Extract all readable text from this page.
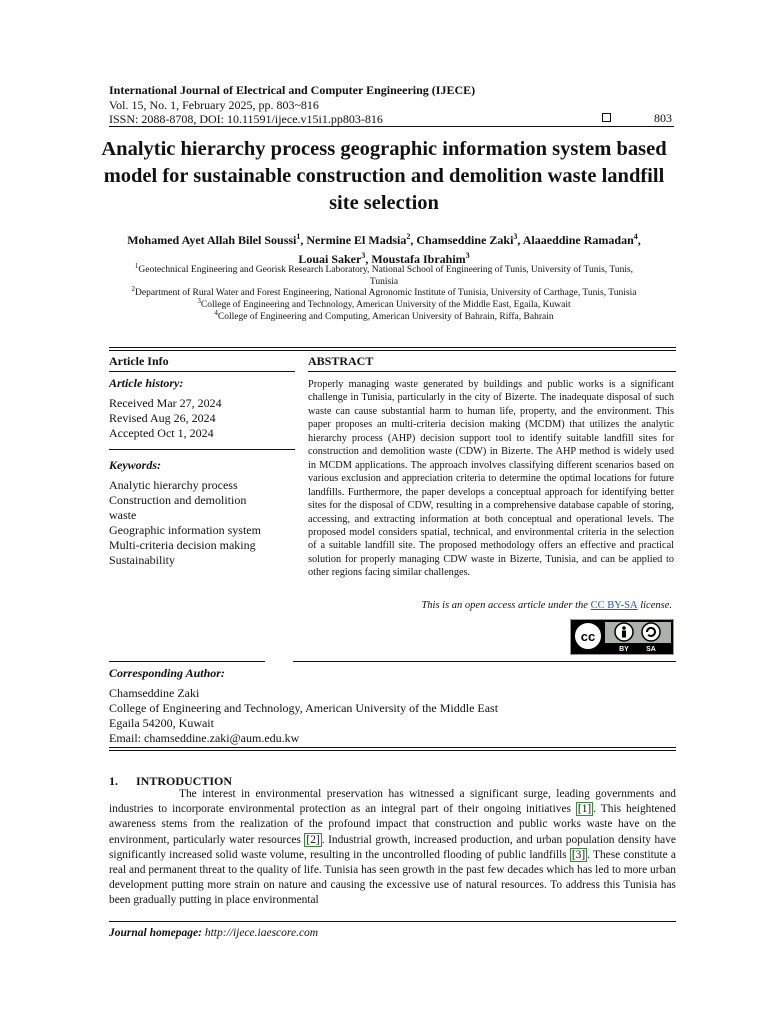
International Journal of Electrical and Computer Engineering (IJECE)
Vol. 15, No. 1, February 2025, pp. 803~816
ISSN: 2088-8708, DOI: 10.11591/ijece.v15i1.pp803-816	803
Analytic hierarchy process geographic information system based model for sustainable construction and demolition waste landfill site selection
Mohamed Ayet Allah Bilel Soussi$^1$, Nermine El Madsia$^2$, Chamseddine Zaki$^3$, Alaaeddine Ramadan$^4$,
Louai Saker$^3$, Moustafa Ibrahim$^3$
$^1$Geotechnical Engineering and Georisk Research Laboratory, National School of Engineering of Tunis, University of Tunis, Tunis,
Tunisia
$^2$Department of Rural Water and Forest Engineering, National Agronomic Institute of Tunisia, University of Carthage, Tunis, Tunisia
$^3$College of Engineering and Technology, American University of the Middle East, Egaila, Kuwait
$^4$College of Engineering and Computing, American University of Bahrain, Riffa, Bahrain
Article Info
Article history:
Received Mar 27, 2024
Revised Aug 26, 2024
Accepted Oct 1, 2024
Keywords:
Analytic hierarchy process
Construction and demolition
waste
Geographic information system
Multi-criteria decision making
Sustainability
ABSTRACT
Properly managing waste generated by buildings and public works is a significant challenge in Tunisia, particularly in the city of Bizerte. The inadequate disposal of such waste can cause substantial harm to human life, property, and the environment. This paper proposes an multi-criteria decision making (MCDM) that utilizes the analytic hierarchy process (AHP) decision support tool to identify suitable landfill sites for construction and demolition waste (CDW) in Bizerte. The AHP method is widely used in MCDM applications. The approach involves classifying different scenarios based on various exclusion and appreciation criteria to determine the optimal locations for future landfills. Furthermore, the paper develops a conceptual approach for identifying better sites for the disposal of CDW, resulting in a comprehensive database capable of storing, accessing, and extracting information at both conceptual and operational levels. The proposed model considers spatial, technical, and environmental criteria in the selection of a suitable landfill site. The proposed methodology offers an effective and practical solution for properly managing CDW waste in Bizerte, Tunisia, and can be applied to other regions facing similar challenges.
This is an open access article under the CC BY-SA license.
cc
BY SA
Corresponding Author:
Chamseddine Zaki
College of Engineering and Technology, American University of the Middle East
Egaila 54200, Kuwait
Email: chamseddine.zaki@aum.edu.kw
1. INTRODUCTION
The interest in environmental preservation has witnessed a significant surge, leading governments and industries to incorporate environmental protection as an integral part of their ongoing initiatives [1] . This heightened awareness stems from the realization of the profound impact that construction and public works waste have on the environment, particularly water resources [2] . Industrial growth, increased production, and urban population density have significantly increased solid waste volume, resulting in the uncontrolled flooding of public landfills [3] . These constitute a real and permanent threat to the quality of life. Tunisia has seen growth in the past few decades which has led to more urban development putting more strain on nature and causing the excessive use of natural resources. To address this Tunisia has been gradually putting in place environmental
Journal homepage: http://ijece.iaescore.com
